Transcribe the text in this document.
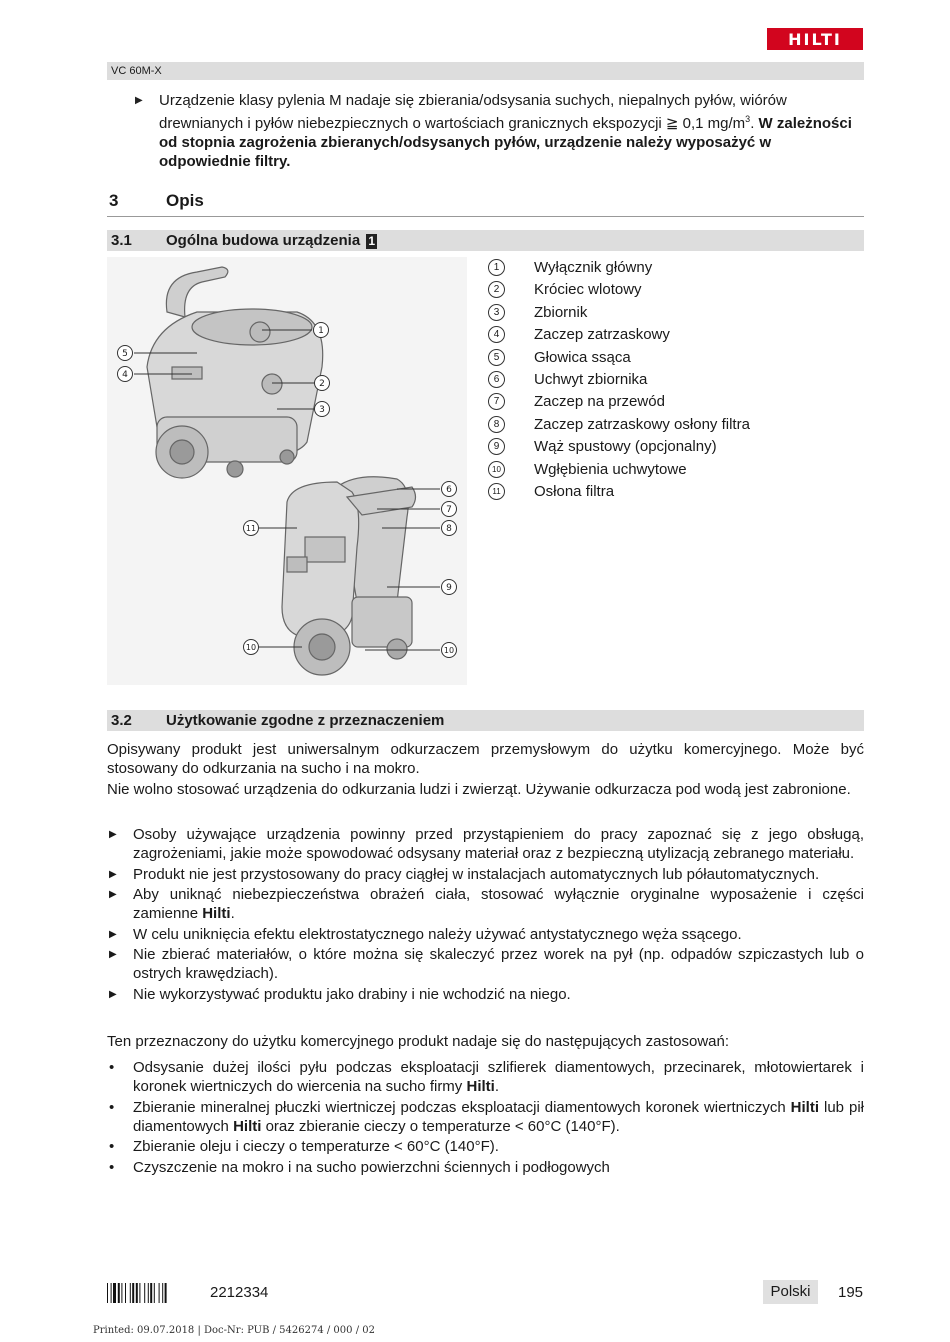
HILTI
VC 60M-X
▶ Urządzenie klasy pylenia M nadaje się zbierania/odsysania suchych, niepalnych pyłów, wiórów drewnianych i pyłów niebezpiecznych o wartościach granicznych ekspozycji ≧ 0,1 $mg/m^3$. W zależności od stopnia zagrożenia zbieranych/odsysanych pyłów, urządzenie należy wyposażyć w odpowiednie filtry.
3	Opis
3.1 Ogólna budowa urządzenia 1
1
2
3
5
4
6
7
8
11
9
10	10
1	Wyłącznik główny
2	Króciec wlotowy
3	Zbiornik
4	Zaczep zatrzaskowy
5	Głowica ssąca
6	Uchwyt zbiornika
7	Zaczep na przewód
8	Zaczep zatrzaskowy osłony filtra
9	Wąż spustowy (opcjonalny)
10 Wgłębienia uchwytowe
11 Osłona filtra
3.2 Użytkowanie zgodne z przeznaczeniem
Opisywany produkt jest uniwersalnym odkurzaczem przemysłowym do użytku komercyjnego. Może być stosowany do odkurzania na sucho i na mokro.
Nie wolno stosować urządzenia do odkurzania ludzi i zwierząt. Używanie odkurzacza pod wodą jest zabronione.
▶ Osoby używające urządzenia powinny przed przystąpieniem do pracy zapoznać się z jego obsługą, zagrożeniami, jakie może spowodować odsysany materiał oraz z bezpieczną utylizacją zebranego materiału.
▶ Produkt nie jest przystosowany do pracy ciągłej w instalacjach automatycznych lub półautomatycznych.
▶ Aby uniknąć niebezpieczeństwa obrażeń ciała, stosować wyłącznie oryginalne wyposażenie i części zamienne Hilti.
▶ W celu uniknięcia efektu elektrostatycznego należy używać antystatycznego węża ssącego.
▶ Nie zbierać materiałów, o które można się skaleczyć przez worek na pył (np. odpadów szpiczastych lub o ostrych krawędziach).
▶ Nie wykorzystywać produktu jako drabiny i nie wchodzić na niego.
Ten przeznaczony do użytku komercyjnego produkt nadaje się do następujących zastosowań:
• Odsysanie dużej ilości pyłu podczas eksploatacji szlifierek diamentowych, przecinarek, młotowiertarek i koronek wiertniczych do wiercenia na sucho firmy Hilti.
• Zbieranie mineralnej płuczki wiertniczej podczas eksploatacji diamentowych koronek wiertniczych Hilti lub pił diamentowych Hilti oraz zbieranie cieczy o temperaturze < 60°C (140°F).
• Zbieranie oleju i cieczy o temperaturze < 60°C (140°F).
• Czyszczenie na mokro i na sucho powierzchni ściennych i podłogowych
2212334	Polski	195
Printed: 09.07.2018 | Doc-Nr: PUB / 5426274 / 000 / 02
